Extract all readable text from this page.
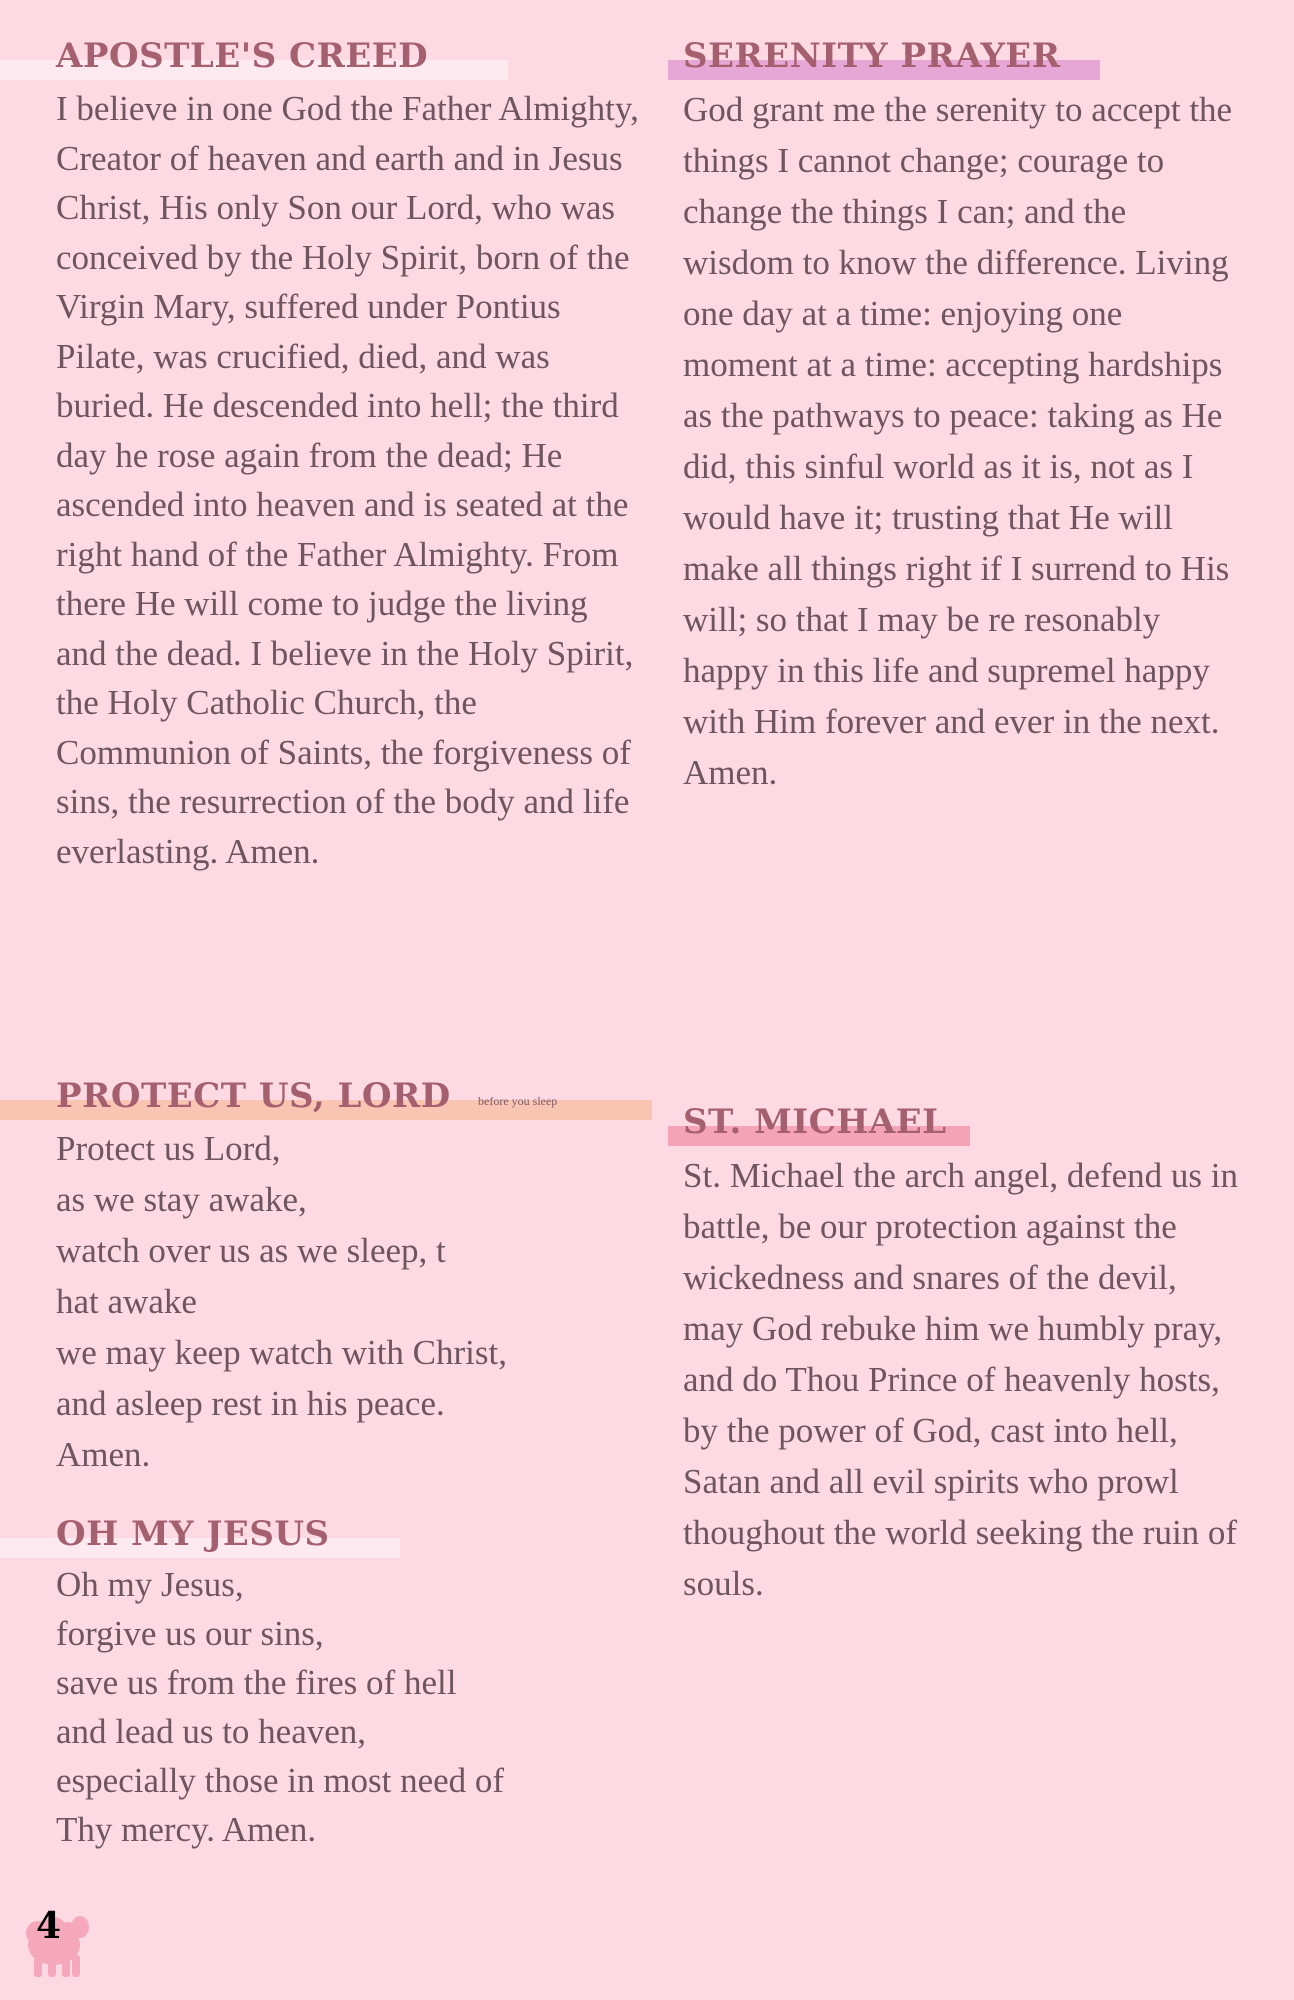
APOSTLE'S CREED

I believe in one God the Father Almighty, Creator of heaven and earth and in Jesus Christ, His only Son our Lord, who was conceived by the Holy Spirit, born of the Virgin Mary, suffered under Pontius Pilate, was crucified, died, and was buried. He descended into hell; the third day he rose again from the dead; He ascended into heaven and is seated at the right hand of the Father Almighty. From there He will come to judge the living and the dead. I believe in the Holy Spirit, the Holy Catholic Church, the Communion of Saints, the forgiveness of sins, the resurrection of the body and life everlasting. Amen.

PROTECT US, LORD before you sleep
Protect us Lord,
as we stay awake,
watch over us as we sleep, t
hat awake
we may keep watch with Christ,
and asleep rest in his peace.
Amen.
OH MY JESUS
Oh my Jesus,
forgive us our sins,
save us from the fires of hell
and lead us to heaven,
especially those in most need of
Thy mercy. Amen.
SERENITY PRAYER

God grant me the serenity to accept the things I cannot change; courage to change the things I can; and the wisdom to know the difference. Living one day at a time: enjoying one moment at a time: accepting hardships as the pathways to peace: taking as He did, this sinful world as it is, not as I would have it; trusting that He will make all things right if I surrend to His will; so that I may be re resonably happy in this life and supremel happy with Him forever and ever in the next. Amen.

ST. MICHAEL

St. Michael the arch angel, defend us in battle, be our protection against the wickedness and snares of the devil, may God rebuke him we humbly pray, and do Thou Prince of heavenly hosts, by the power of God, cast into hell, Satan and all evil spirits who prowl thoughout the world seeking the ruin of souls.

4
